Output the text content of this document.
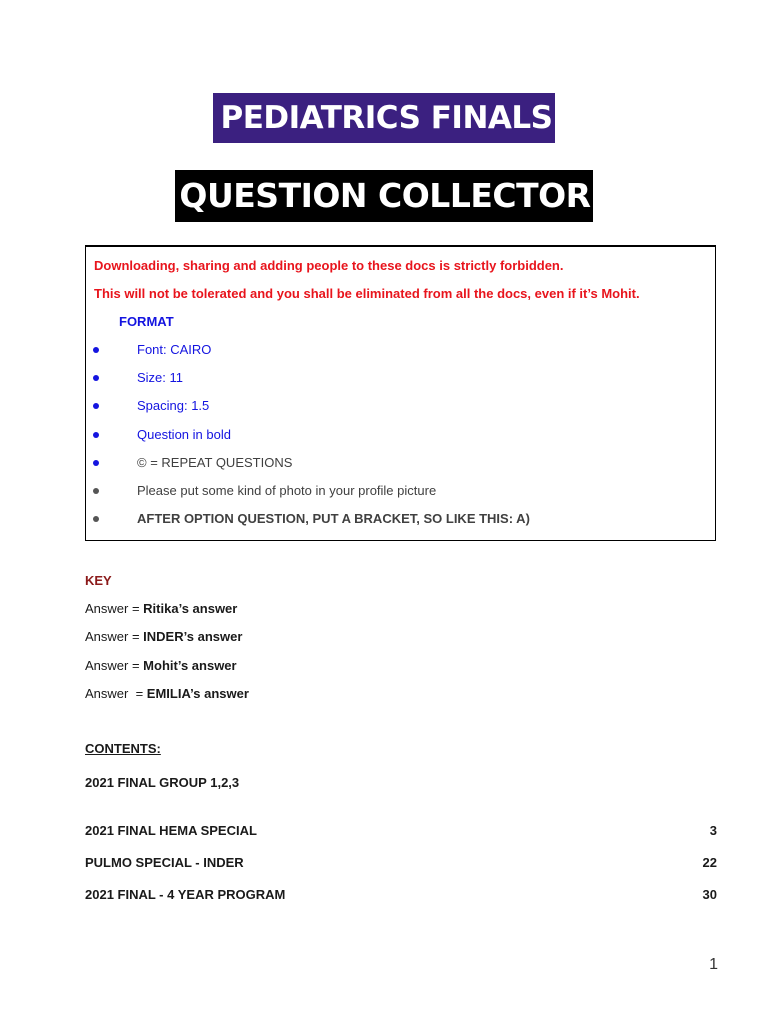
PEDIATRICS FINALS
QUESTION COLLECTOR
Downloading, sharing and adding people to these docs is strictly forbidden.
This will not be tolerated and you shall be eliminated from all the docs, even if it’s Mohit.
FORMAT
Font: CAIRO
Size: 11
Spacing: 1.5
Question in bold
© = REPEAT QUESTIONS
Please put some kind of photo in your profile picture
AFTER OPTION QUESTION, PUT A BRACKET, SO LIKE THIS: A)
KEY
Answer = Ritika’s answer
Answer = INDER’s answer
Answer = Mohit’s answer
Answer  = EMILIA’s answer
CONTENTS:
2021 FINAL GROUP 1,2,3
2021 FINAL HEMA SPECIAL	3
PULMO SPECIAL - INDER	22
2021 FINAL - 4 YEAR PROGRAM	30
1
